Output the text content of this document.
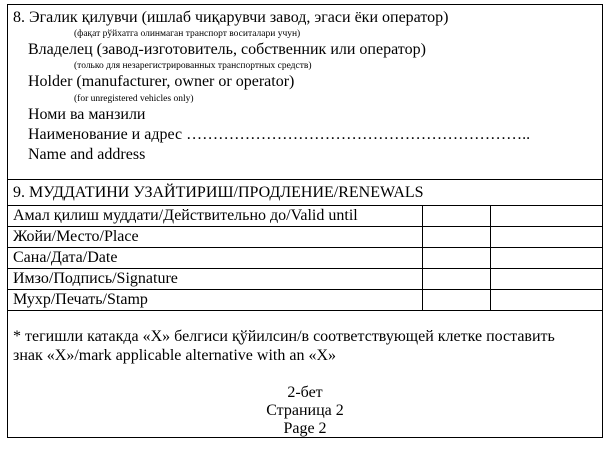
8. Эгалик қилувчи (ишлаб чиқарувчи завод, эгаси ёки оператор)
(фақат рўйхатга олинмаган транспорт воситалари учун)
Владелец (завод-изготовитель, собственник или оператор)
(только для незарегистрированных транспортных средств)
Holder (manufacturer, owner or operator)
(for unregistered vehicles only)
Номи ва манзили
Наименование и адрес ………………………………………………………..
Name and address
9. МУДДАТИНИ УЗАЙТИРИШ/ПРОДЛЕНИЕ/RENEWALS
Амал қилиш муддати/Действительно до/Valid until
Жойи/Место/Place
Сана/Дата/Date
Имзо/Подпись/Signature
Мухр/Печать/Stamp
* тегишли катакда «Х» белгиси қўйилсин/в соответствующей клетке поставить
знак «Х»/mark applicable alternative with an «Х»
2-бет
Страница 2
Page 2
